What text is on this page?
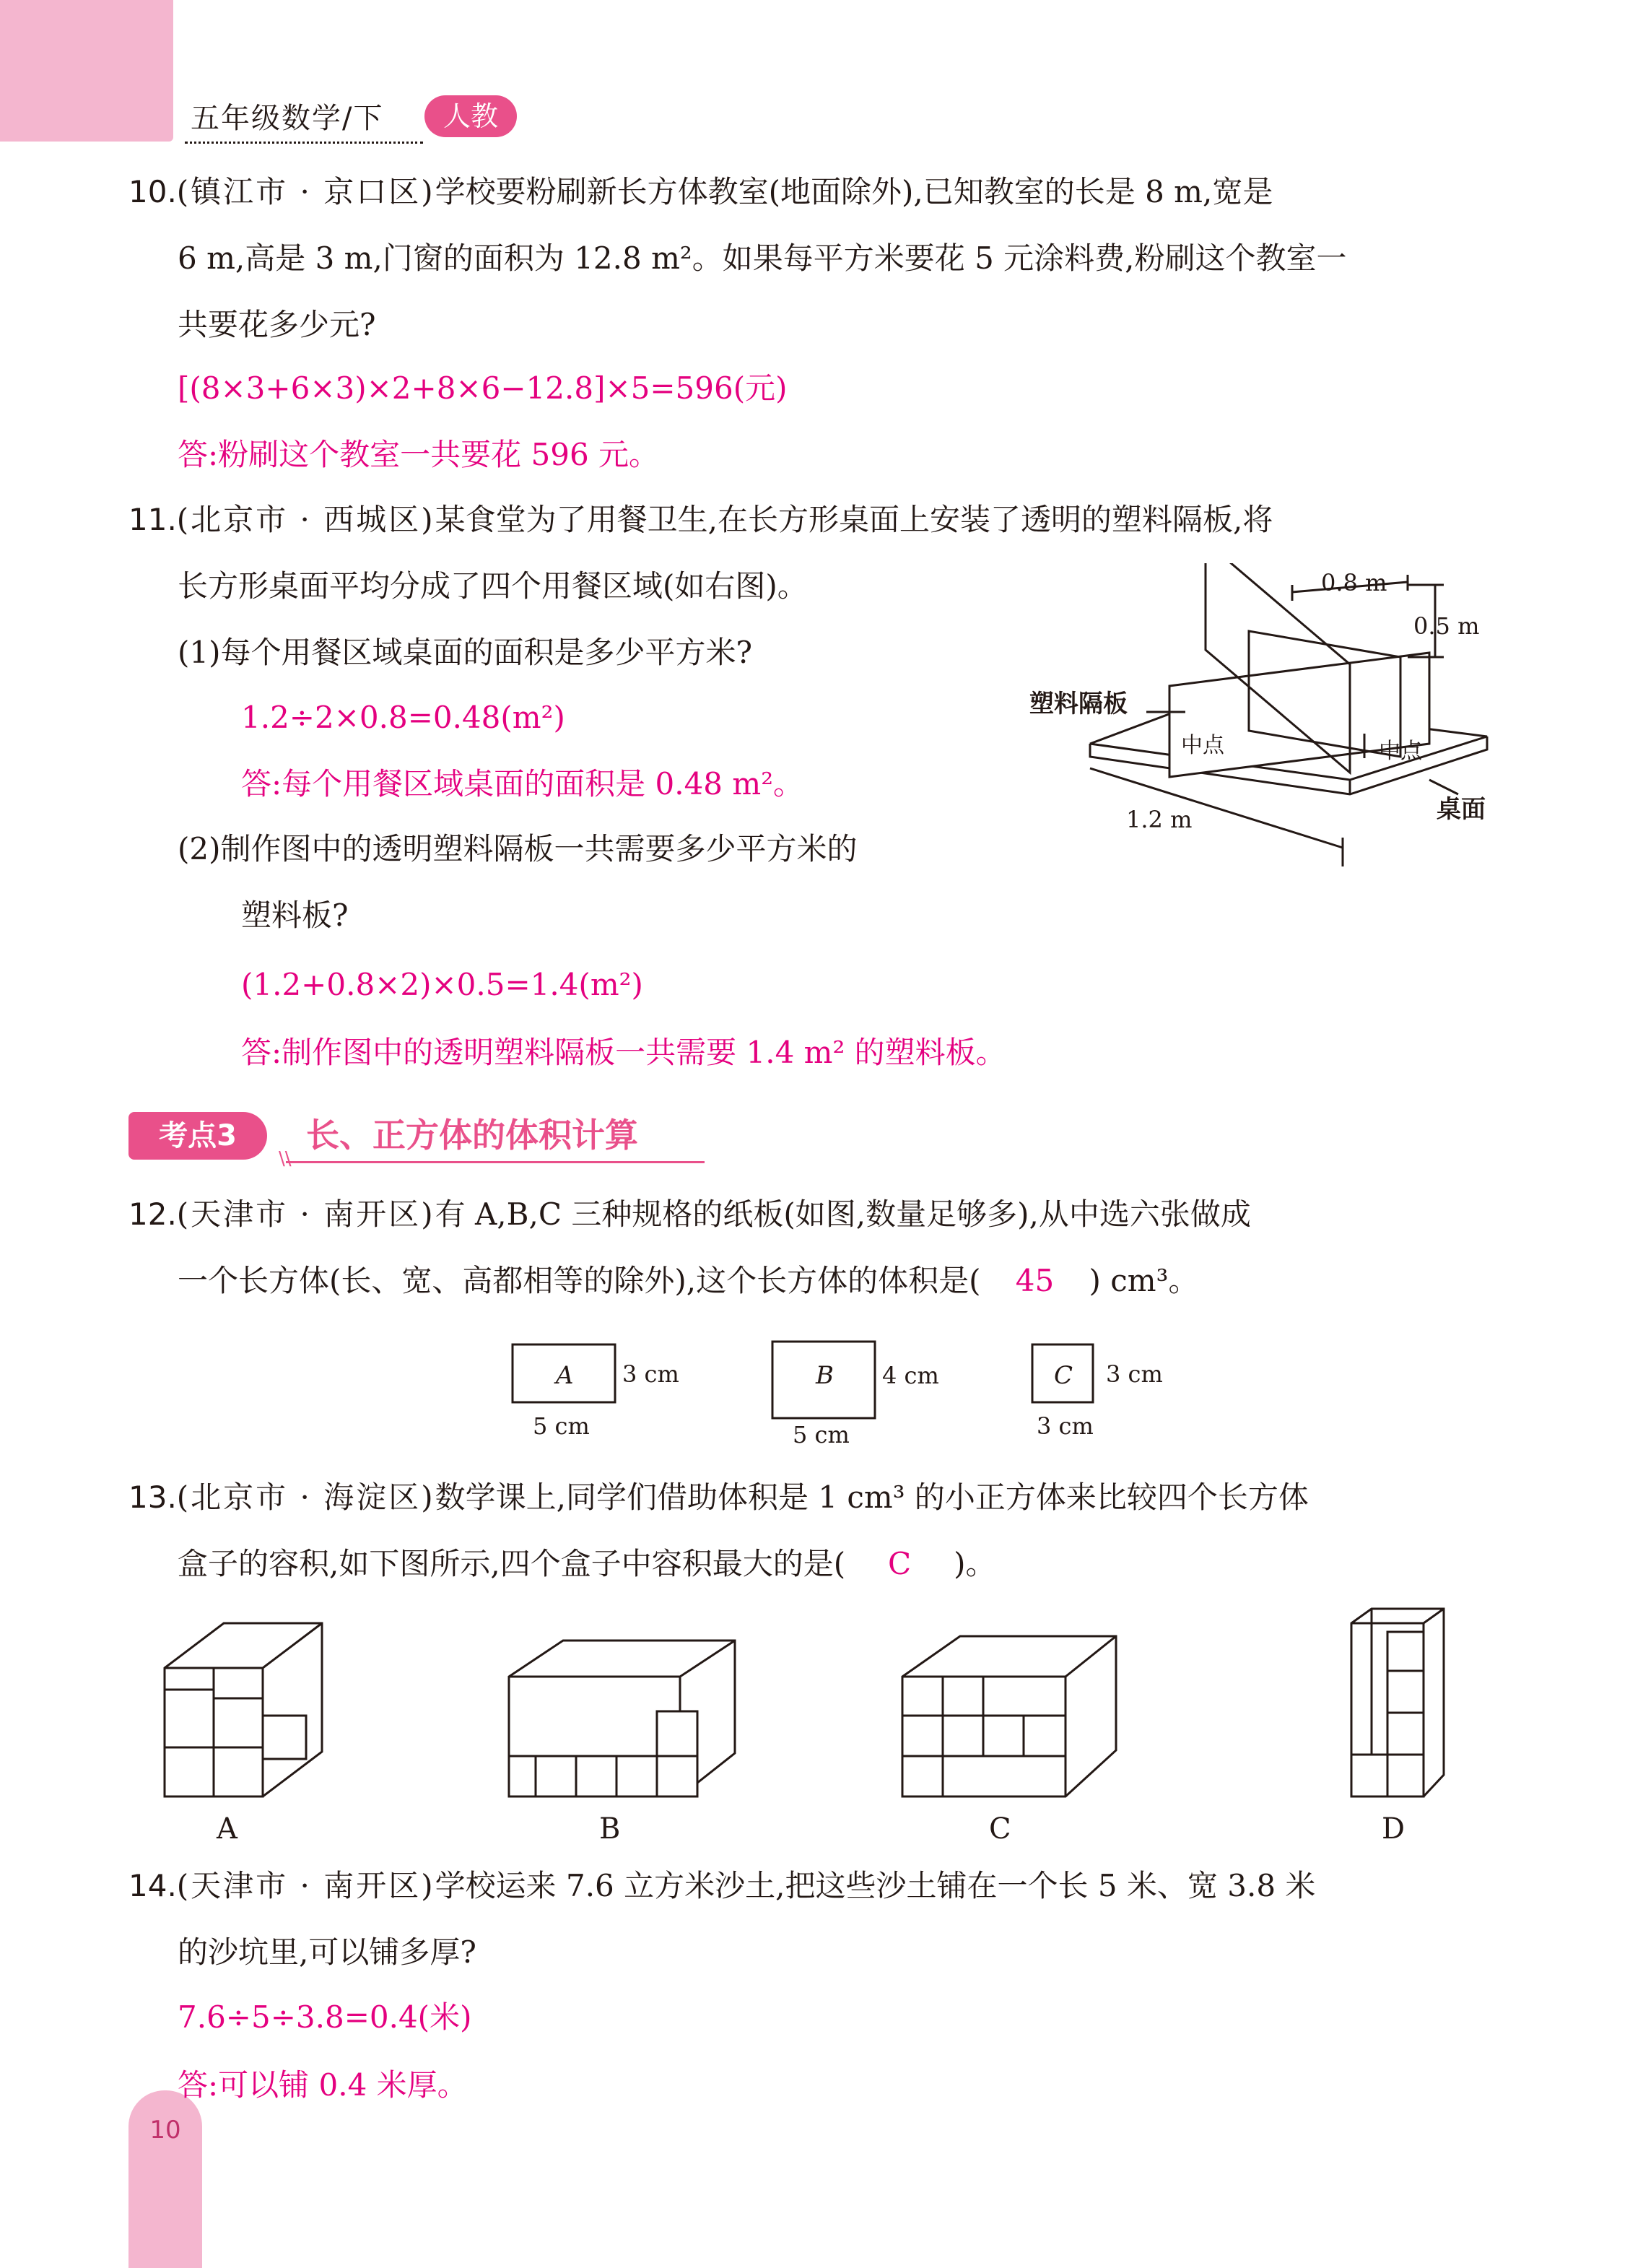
五年级数学/下	人教
10
10.(镇江市 · 京口区)学校要粉刷新长方体教室(地面除外),已知教室的长是 8 m,宽是
6 m,高是 3 m,门窗的面积为 12.8 m²。如果每平方米要花 5 元涂料费,粉刷这个教室一
共要花多少元?
[(8×3+6×3)×2+8×6−12.8]×5=596(元)
答:粉刷这个教室一共要花 596 元。
11.(北京市 · 西城区)某食堂为了用餐卫生,在长方形桌面上安装了透明的塑料隔板,将
长方形桌面平均分成了四个用餐区域(如右图)。
(1)每个用餐区域桌面的面积是多少平方米?
1.2÷2×0.8=0.48(m²)
答:每个用餐区域桌面的面积是 0.48 m²。
(2)制作图中的透明塑料隔板一共需要多少平方米的
塑料板?
(1.2+0.8×2)×0.5=1.4(m²)
答:制作图中的透明塑料隔板一共需要 1.4 m² 的塑料板。
0.8 m
0.5 m
1.2 m
塑料隔板
中点	中点
桌面
考点3
\\
长、正方体的体积计算
12.(天津市 · 南开区)有 A,B,C 三种规格的纸板(如图,数量足够多),从中选六张做成
一个长方体(长、宽、高都相等的除外),这个长方体的体积是( 45 ) cm³。
A 3 cm
5 cm
B 4 cm
5 cm
C 3 cm
3 cm
13.(北京市 · 海淀区)数学课上,同学们借助体积是 1 cm³ 的小正方体来比较四个长方体
盒子的容积,如下图所示,四个盒子中容积最大的是( C )。
A	B	C	D
14.(天津市 · 南开区)学校运来 7.6 立方米沙土,把这些沙土铺在一个长 5 米、宽 3.8 米
的沙坑里,可以铺多厚?
7.6÷5÷3.8=0.4(米)
答:可以铺 0.4 米厚。
